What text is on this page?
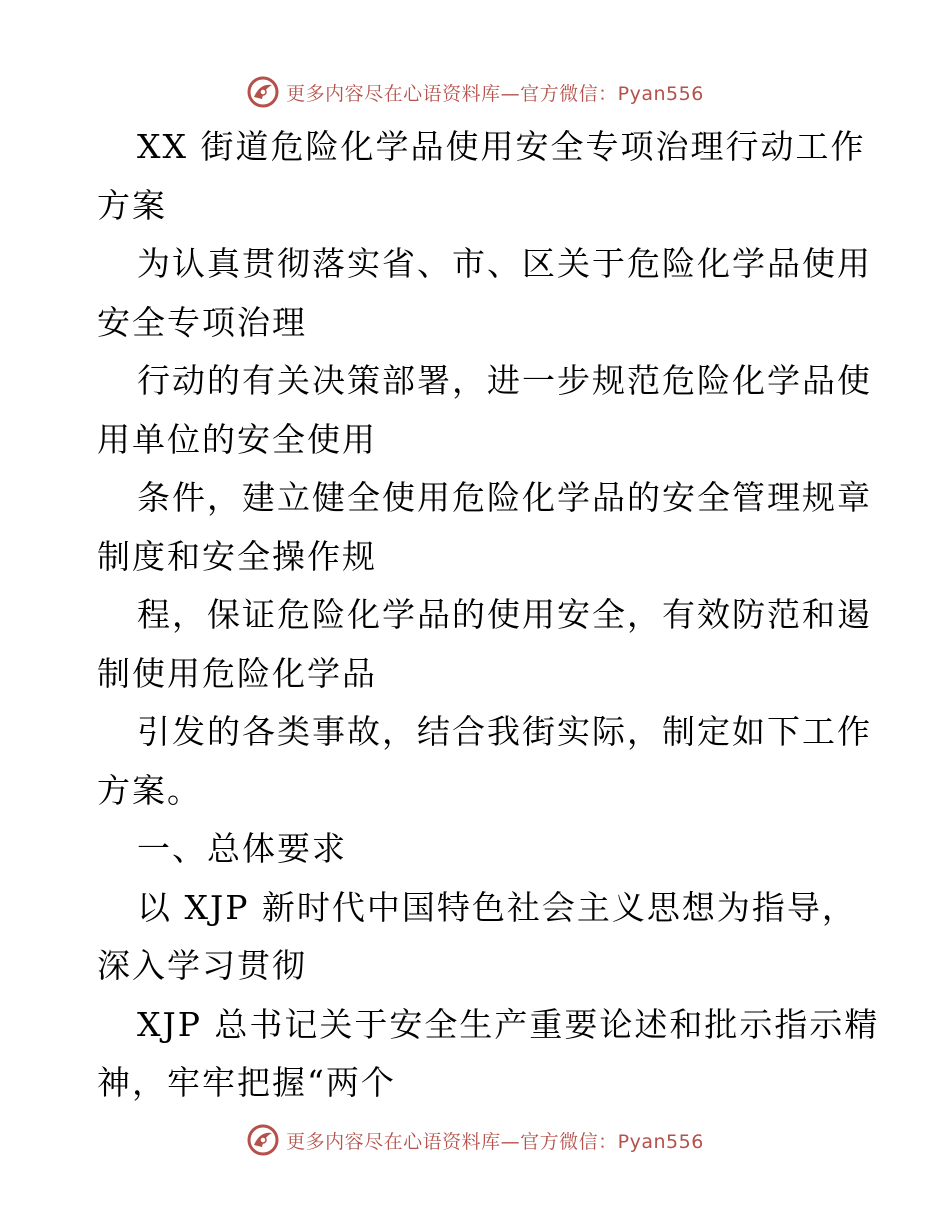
更多内容尽在心语资料库—官方微信：Pyan556

XX 街道危险化学品使用安全专项治理行动工作

方案

为认真贯彻落实省、市、区关于危险化学品使用

安全专项治理

行动的有关决策部署，进一步规范危险化学品使

用单位的安全使用

条件，建立健全使用危险化学品的安全管理规章

制度和安全操作规

程，保证危险化学品的使用安全，有效防范和遏

制使用危险化学品

引发的各类事故，结合我街实际，制定如下工作

方案。

一、总体要求

以 XJP 新时代中国特色社会主义思想为指导，

深入学习贯彻

XJP 总书记关于安全生产重要论述和批示指示精

神，牢牢把握“两个

更多内容尽在心语资料库—官方微信：Pyan556
